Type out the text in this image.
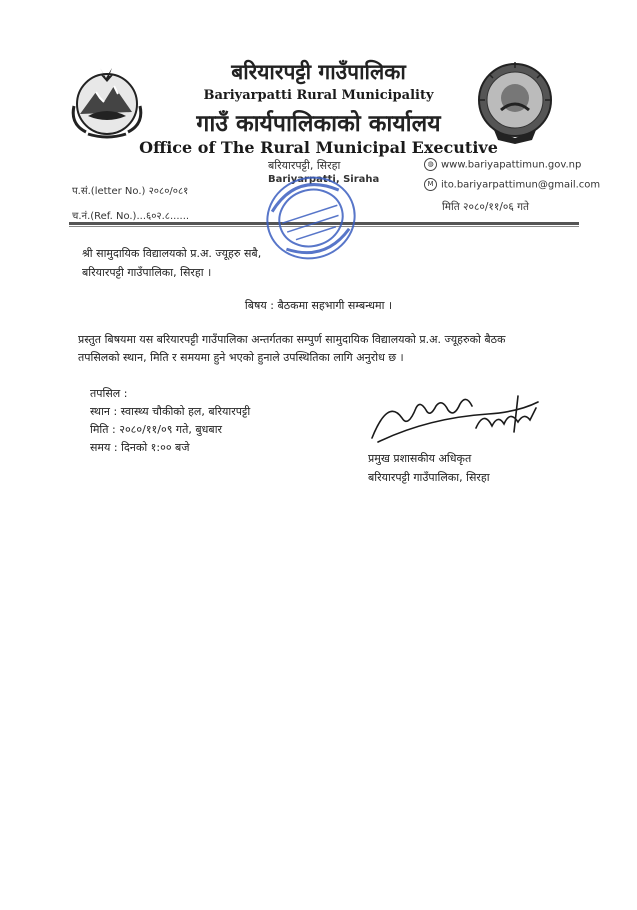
बरियारपट्टी गाउँपालिका
Bariyarpatti Rural Municipality
गाउँ कार्यपालिकाको कार्यालय
Office of The Rural Municipal Executive
बरियारपट्टी, सिरहा
Bariyarpatti, Siraha
◍ www.bariyapattimun.gov.np
M ito.bariyarpattimun@gmail.com
प.सं.(letter No.) २०८०/०८१
च.नं.(Ref. No.)...६०२.८......
मिति २०८०/११/०६ गते
श्री सामुदायिक विद्यालयको प्र.अ. ज्यूहरु सबै,
बरियारपट्टी गाउँपालिका, सिरहा ।
बिषय : बैठकमा सहभागी सम्बन्धमा ।
प्रस्तुत बिषयमा यस बरियारपट्टी गाउँपालिका अन्तर्गतका सम्पुर्ण सामुदायिक विद्यालयको प्र.अ. ज्यूहरुको बैठक
तपसिलको स्थान, मिति र समयमा हुने भएको हुनाले उपस्थितिका लागि अनुरोध छ ।
तपसिल :
स्थान : स्वास्थ्य चौकीको हल, बरियारपट्टी
मिति : २०८०/११/०९ गते, बुधबार
समय : दिनको १:०० बजे
प्रमुख प्रशासकीय अधिकृत
बरियारपट्टी गाउँपालिका, सिरहा
